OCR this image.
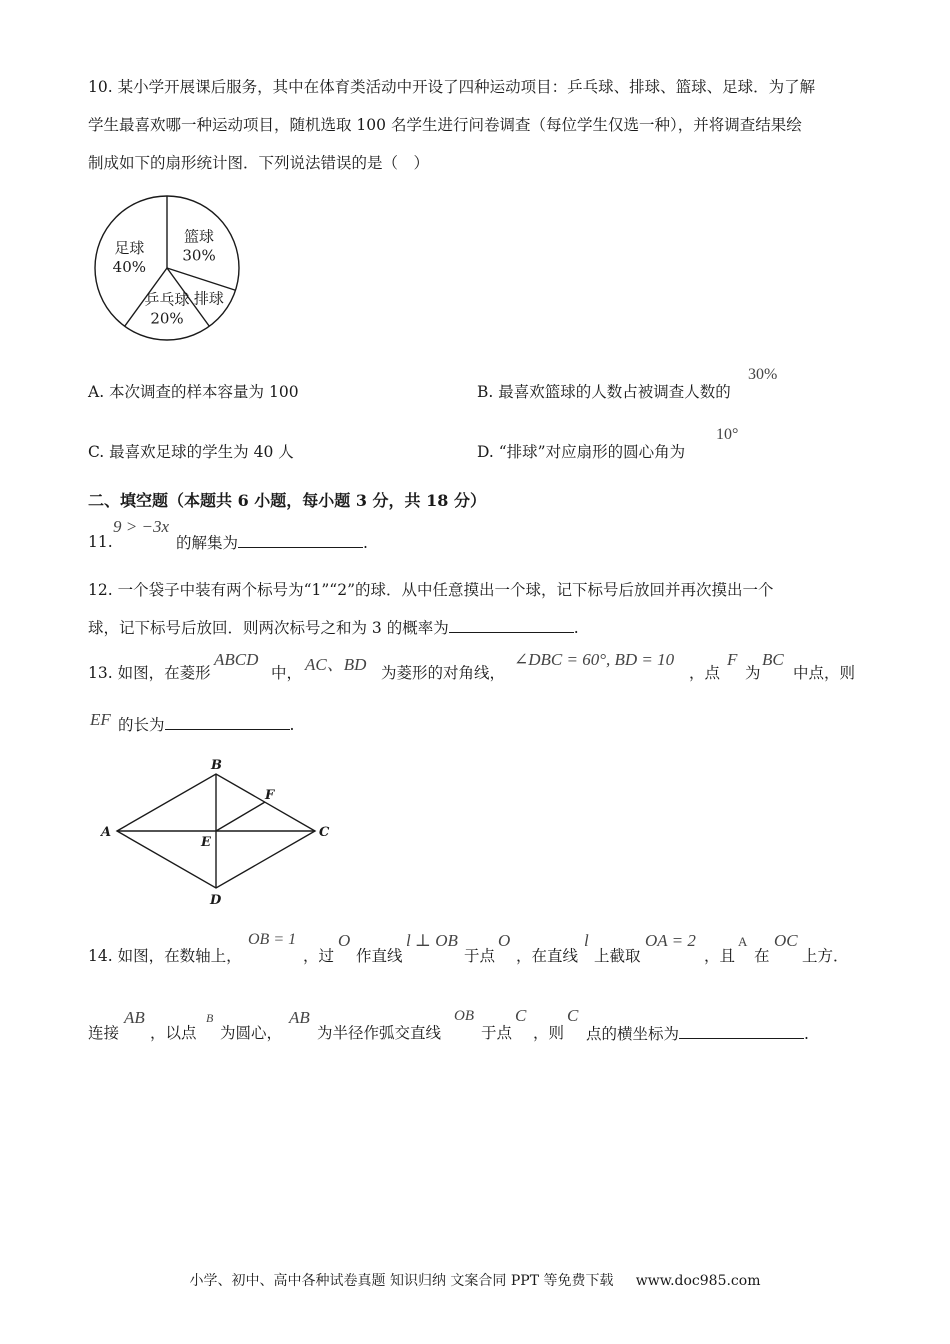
10. 某小学开展课后服务，其中在体育类活动中开设了四种运动项目：乒乓球、排球、篮球、足球．为了解
学生最喜欢哪一种运动项目，随机选取 100 名学生进行问卷调查（每位学生仅选一种），并将调查结果绘
制成如下的扇形统计图．下列说法错误的是（　）
篮球
30%
排球
乒乓球
20%
足球
40%
A. 本次调查的样本容量为 100	B. 最喜欢篮球的人数占被调查人数的
30%
C. 最喜欢足球的学生为 40 人	D. “排球”对应扇形的圆心角为
10°
二、填空题（本题共 6 小题，每小题 3 分，共 18 分）
11.
9 > −3x
的解集为	.
12. 一个袋子中装有两个标号为“1”“2”的球．从中任意摸出一个球，记下标号后放回并再次摸出一个
球，记下标号后放回．则两次标号之和为 3 的概率为	.
13. 如图，在菱形
ABCD
中， AC、BD 为菱形的对角线，
∠DBC = 60°, BD = 10
，点
F
为
BC
中点，则
EF 的长为	.
A
B
C
D
E
F
14. 如图，在数轴上，
OB = 1
，过
O
作直线
l ⊥ OB
于点
O
，在直线
l
上截取
OA = 2
，且
A
在
OC
上方．
连接
AB
，以点
B
为圆心，
AB
为半径作弧交直线
OB
于点
C
，则
C
点的横坐标为	.
小学、初中、高中各种试卷真题 知识归纳 文案合同 PPT 等免费下载 www.doc985.com
